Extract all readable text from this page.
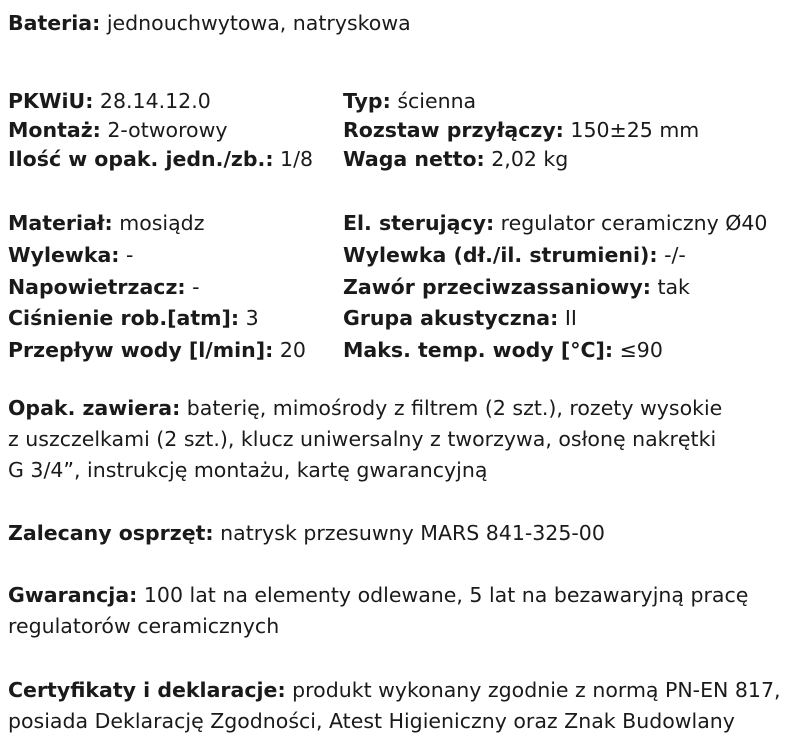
Bateria: jednouchwytowa, natryskowa
PKWiU: 28.14.12.0
Montaż: 2-otworowy
Ilość w opak. jedn./zb.: 1/8
Typ: ścienna
Rozstaw przyłączy: 150±25 mm
Waga netto: 2,02 kg
Materiał: mosiądz
Wylewka: -
Napowietrzacz: -
Ciśnienie rob.[atm]: 3
Przepływ wody [l/min]: 20
El. sterujący: regulator ceramiczny Ø40
Wylewka (dł./il. strumieni): -/-
Zawór przeciwzassaniowy: tak
Grupa akustyczna: II
Maks. temp. wody [°C]: ≤90
Opak. zawiera: baterię, mimośrody z filtrem (2 szt.), rozety wysokie
z uszczelkami (2 szt.), klucz uniwersalny z tworzywa, osłonę nakrętki
G 3/4”, instrukcję montażu, kartę gwarancyjną
Zalecany osprzęt: natrysk przesuwny MARS 841-325-00
Gwarancja: 100 lat na elementy odlewane, 5 lat na bezawaryjną pracę
regulatorów ceramicznych
Certyfikaty i deklaracje: produkt wykonany zgodnie z normą PN-EN 817,
posiada Deklarację Zgodności, Atest Higieniczny oraz Znak Budowlany
